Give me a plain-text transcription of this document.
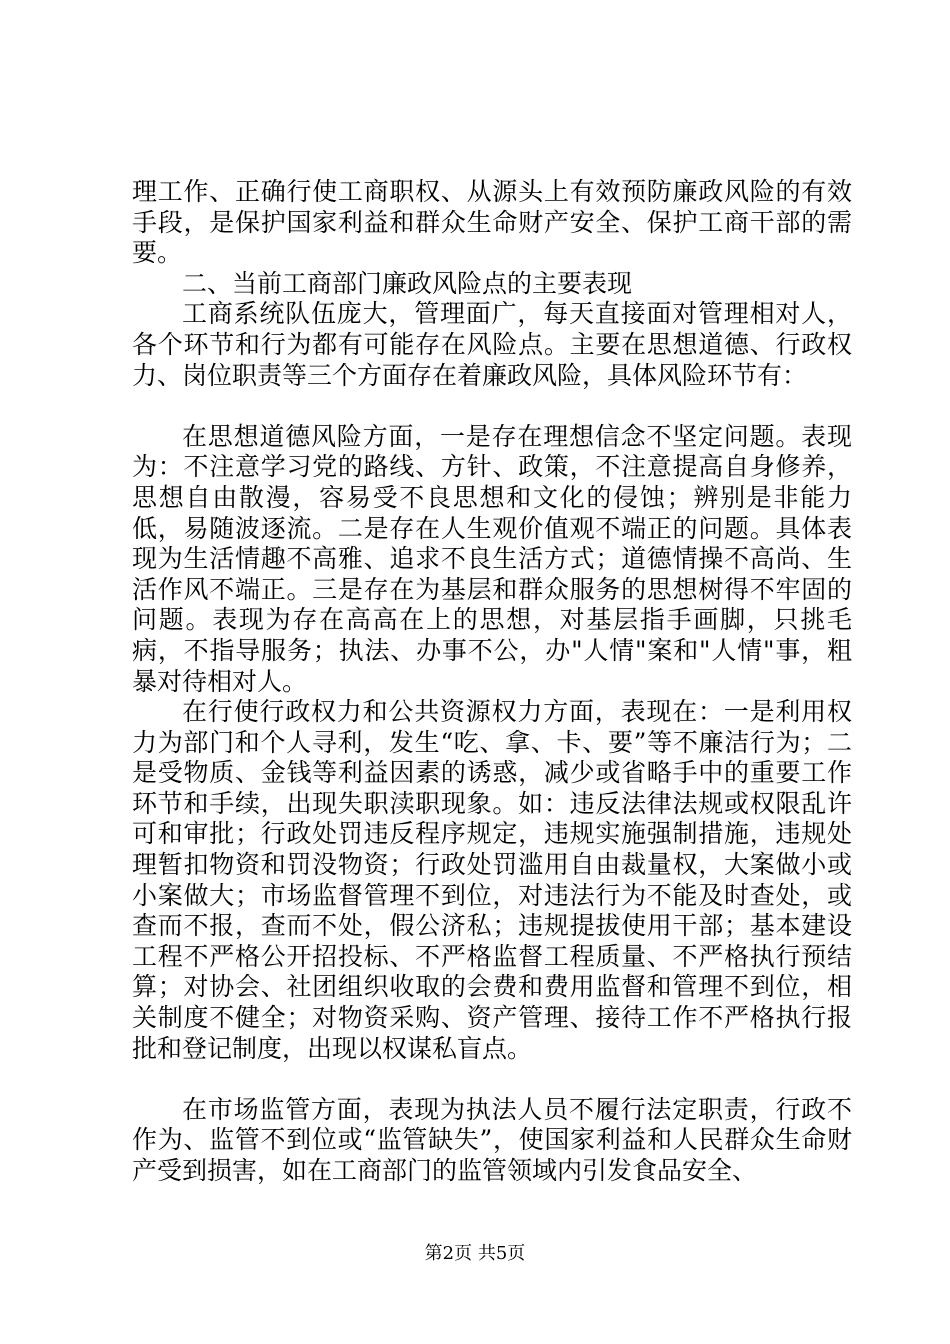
理工作、正确行使工商职权、从源头上有效预防廉政风险的有效手段，是保护国家利益和群众生命财产安全、保护工商干部的需要。

二、当前工商部门廉政风险点的主要表现

工商系统队伍庞大，管理面广，每天直接面对管理相对人，各个环节和行为都有可能存在风险点。主要在思想道德、行政权力、岗位职责等三个方面存在着廉政风险，具体风险环节有：

在思想道德风险方面，一是存在理想信念不坚定问题。表现为：不注意学习党的路线、方针、政策，不注意提高自身修养，思想自由散漫，容易受不良思想和文化的侵蚀；辨别是非能力低，易随波逐流。二是存在人生观价值观不端正的问题。具体表现为生活情趣不高雅、追求不良生活方式；道德情操不高尚、生活作风不端正。三是存在为基层和群众服务的思想树得不牢固的问题。表现为存在高高在上的思想，对基层指手画脚，只挑毛病，不指导服务；执法、办事不公，办"人情"案和"人情"事，粗暴对待相对人。

在行使行政权力和公共资源权力方面，表现在：一是利用权力为部门和个人寻利，发生“吃、拿、卡、要”等不廉洁行为；二是受物质、金钱等利益因素的诱惑，减少或省略手中的重要工作环节和手续，出现失职渎职现象。如：违反法律法规或权限乱许可和审批；行政处罚违反程序规定，违规实施强制措施，违规处理暂扣物资和罚没物资；行政处罚滥用自由裁量权，大案做小或小案做大；市场监督管理不到位，对违法行为不能及时查处，或查而不报，查而不处，假公济私；违规提拔使用干部；基本建设工程不严格公开招投标、不严格监督工程质量、不严格执行预结算；对协会、社团组织收取的会费和费用监督和管理不到位，相关制度不健全；对物资采购、资产管理、接待工作不严格执行报批和登记制度，出现以权谋私盲点。

在市场监管方面，表现为执法人员不履行法定职责，行政不作为、监管不到位或“监管缺失”，使国家利益和人民群众生命财产受到损害，如在工商部门的监管领域内引发食品安全、

第2页 共5页
